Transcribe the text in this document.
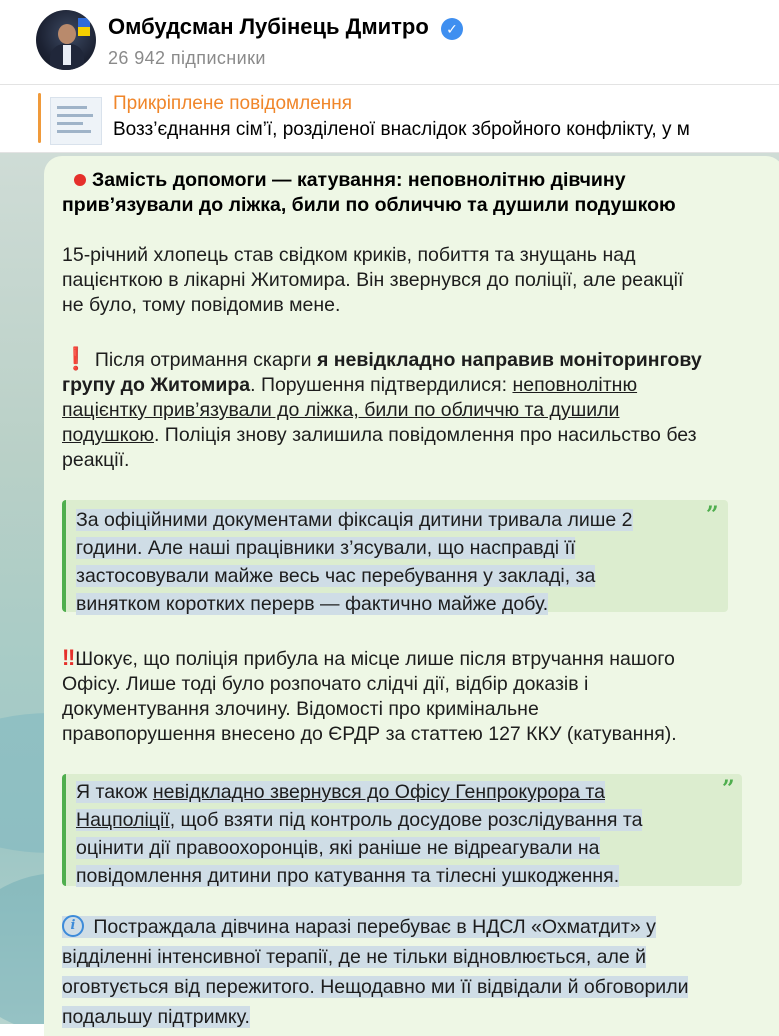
Омбудсман Лубінець Дмитро	✓
26 942 підписники
Прикріплене повідомлення
Возз’єднання сім’ї, розділеної внаслідок збройного конфлікту, у м
Замість допомоги — катування: неповнолітню дівчину
прив’язували до ліжка, били по обличчю та душили подушкою
15-річний хлопець став свідком криків, побиття та знущань над
пацієнткою в лікарні Житомира. Він звернувся до поліції, але реакції
не було, тому повідомив мене.
❗ Після отримання скарги я невідкладно направив моніторингову
групу до Житомира. Порушення підтвердилися: неповнолітню
пацієнтку прив’язували до ліжка, били по обличчю та душили
подушкою. Поліція знову залишила повідомлення про насильство без
реакції.
За офіційними документами фіксація дитини тривала лише 2
години. Але наші працівники з’ясували, що насправді її
застосовували майже весь час перебування у закладі, за
винятком коротких перерв — фактично майже добу.
”
‼Шокує, що поліція прибула на місце лише після втручання нашого
Офісу. Лише тоді було розпочато слідчі дії, відбір доказів і
документування злочину. Відомості про кримінальне
правопорушення внесено до ЄРДР за статтею 127 ККУ (катування).
Я також невідкладно звернувся до Офісу Генпрокурора та
Нацполіції, щоб взяти під контроль досудове розслідування та
оцінити дії правоохоронців, які раніше не відреагували на
повідомлення дитини про катування та тілесні ушкодження.
”
i Постраждала дівчина наразі перебуває в НДСЛ «Охматдит» у
відділенні інтенсивної терапії, де не тільки відновлюється, але й
оговтується від пережитого. Нещодавно ми її відвідали й обговорили
подальшу підтримку.
